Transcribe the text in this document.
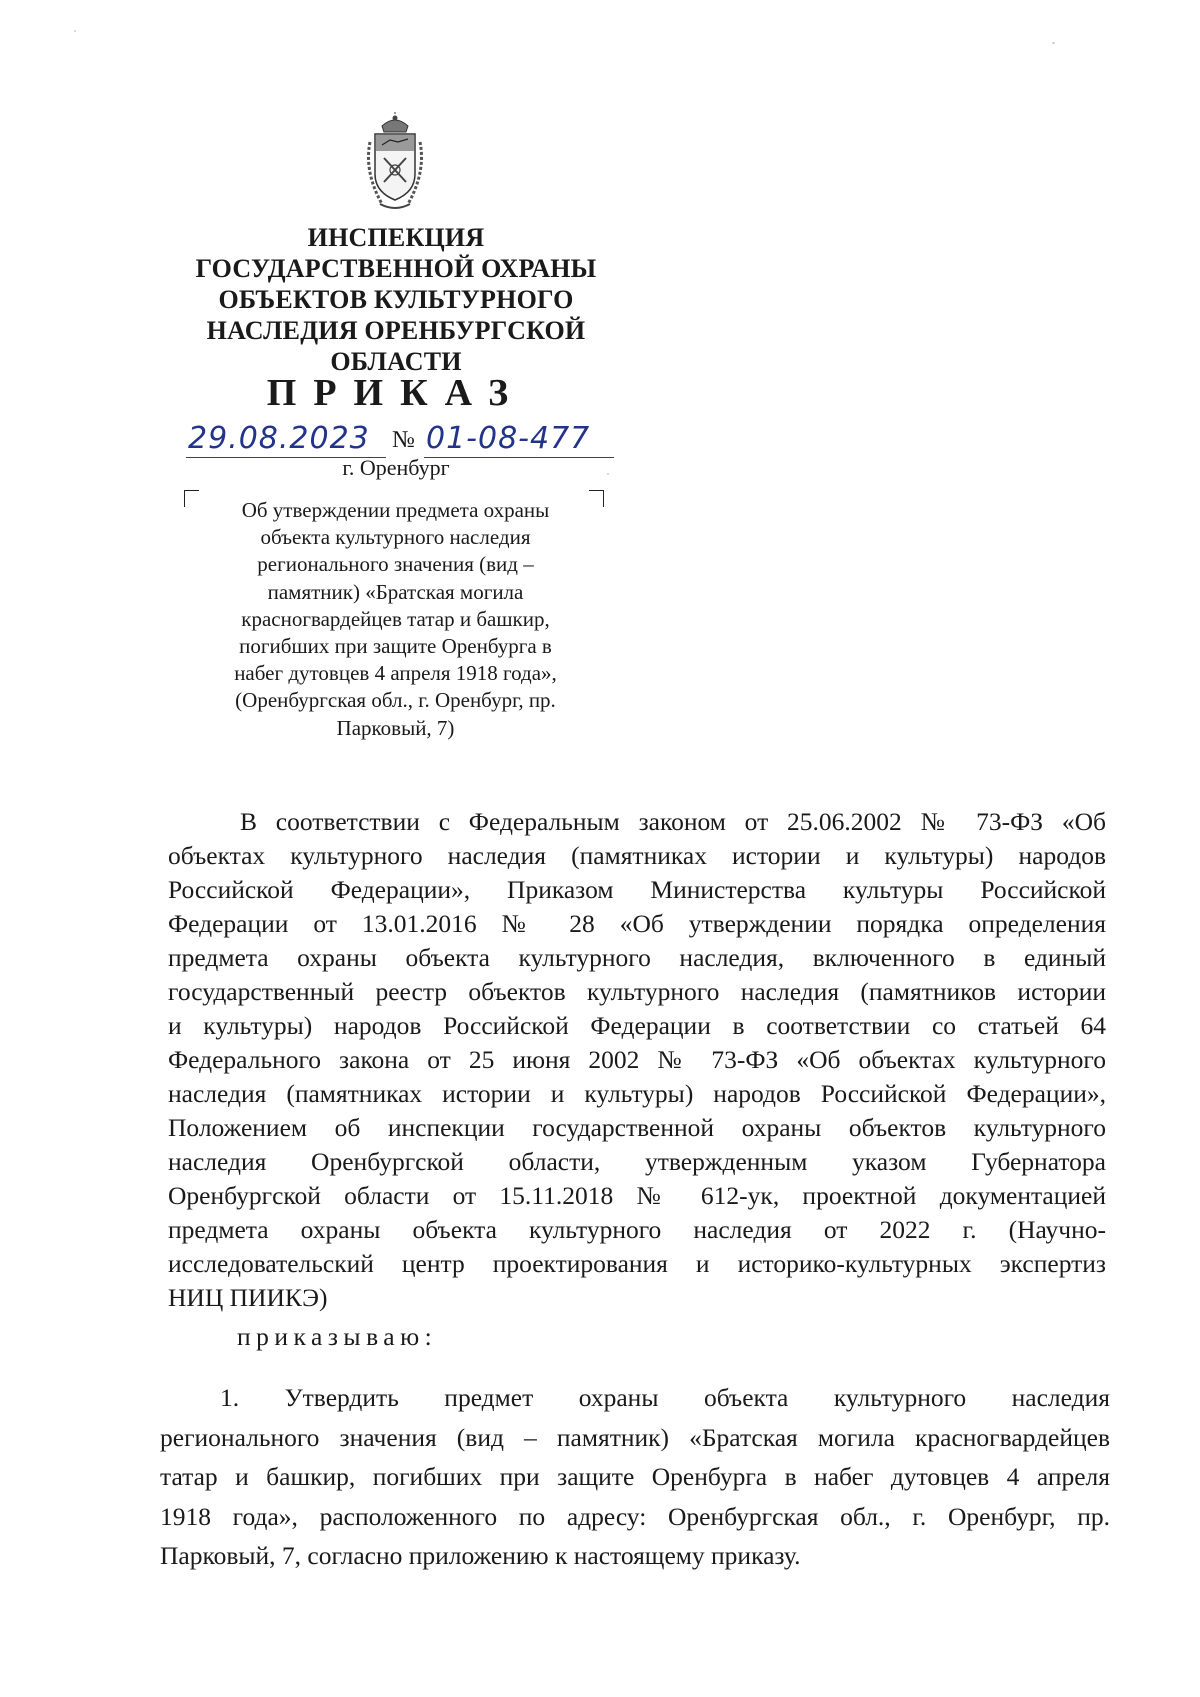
ИНСПЕКЦИЯ
ГОСУДАРСТВЕННОЙ ОХРАНЫ
ОБЪЕКТОВ КУЛЬТУРНОГО
НАСЛЕДИЯ ОРЕНБУРГСКОЙ
ОБЛАСТИ
ПРИКАЗ
29.08.2023 № 01-08-477
г. Оренбург
Об утверждении предмета охраны
объекта культурного наследия
регионального значения (вид –
памятник) «Братская могила
красногвардейцев татар и башкир,
погибших при защите Оренбурга в
набег дутовцев 4 апреля 1918 года»,
(Оренбургская обл., г. Оренбург, пр.
Парковый, 7)
В соответствии с Федеральным законом от 25.06.2002 № 73-ФЗ «Об
объектах культурного наследия (памятниках истории и культуры) народов
Российской Федерации», Приказом Министерства культуры Российской
Федерации от 13.01.2016 № 28 «Об утверждении порядка определения
предмета охраны объекта культурного наследия, включенного в единый
государственный реестр объектов культурного наследия (памятников истории
и культуры) народов Российской Федерации в соответствии со статьей 64
Федерального закона от 25 июня 2002 № 73-ФЗ «Об объектах культурного
наследия (памятниках истории и культуры) народов Российской Федерации»,
Положением об инспекции государственной охраны объектов культурного
наследия Оренбургской области, утвержденным указом Губернатора
Оренбургской области от 15.11.2018 № 612-ук, проектной документацией
предмета охраны объекта культурного наследия от 2022 г. (Научно-
исследовательский центр проектирования и историко-культурных экспертиз
НИЦ ПИИКЭ)
приказываю:
1. Утвердить предмет охраны объекта культурного наследия
регионального значения (вид – памятник) «Братская могила красногвардейцев
татар и башкир, погибших при защите Оренбурга в набег дутовцев 4 апреля
1918 года», расположенного по адресу: Оренбургская обл., г. Оренбург, пр.
Парковый, 7, согласно приложению к настоящему приказу.
